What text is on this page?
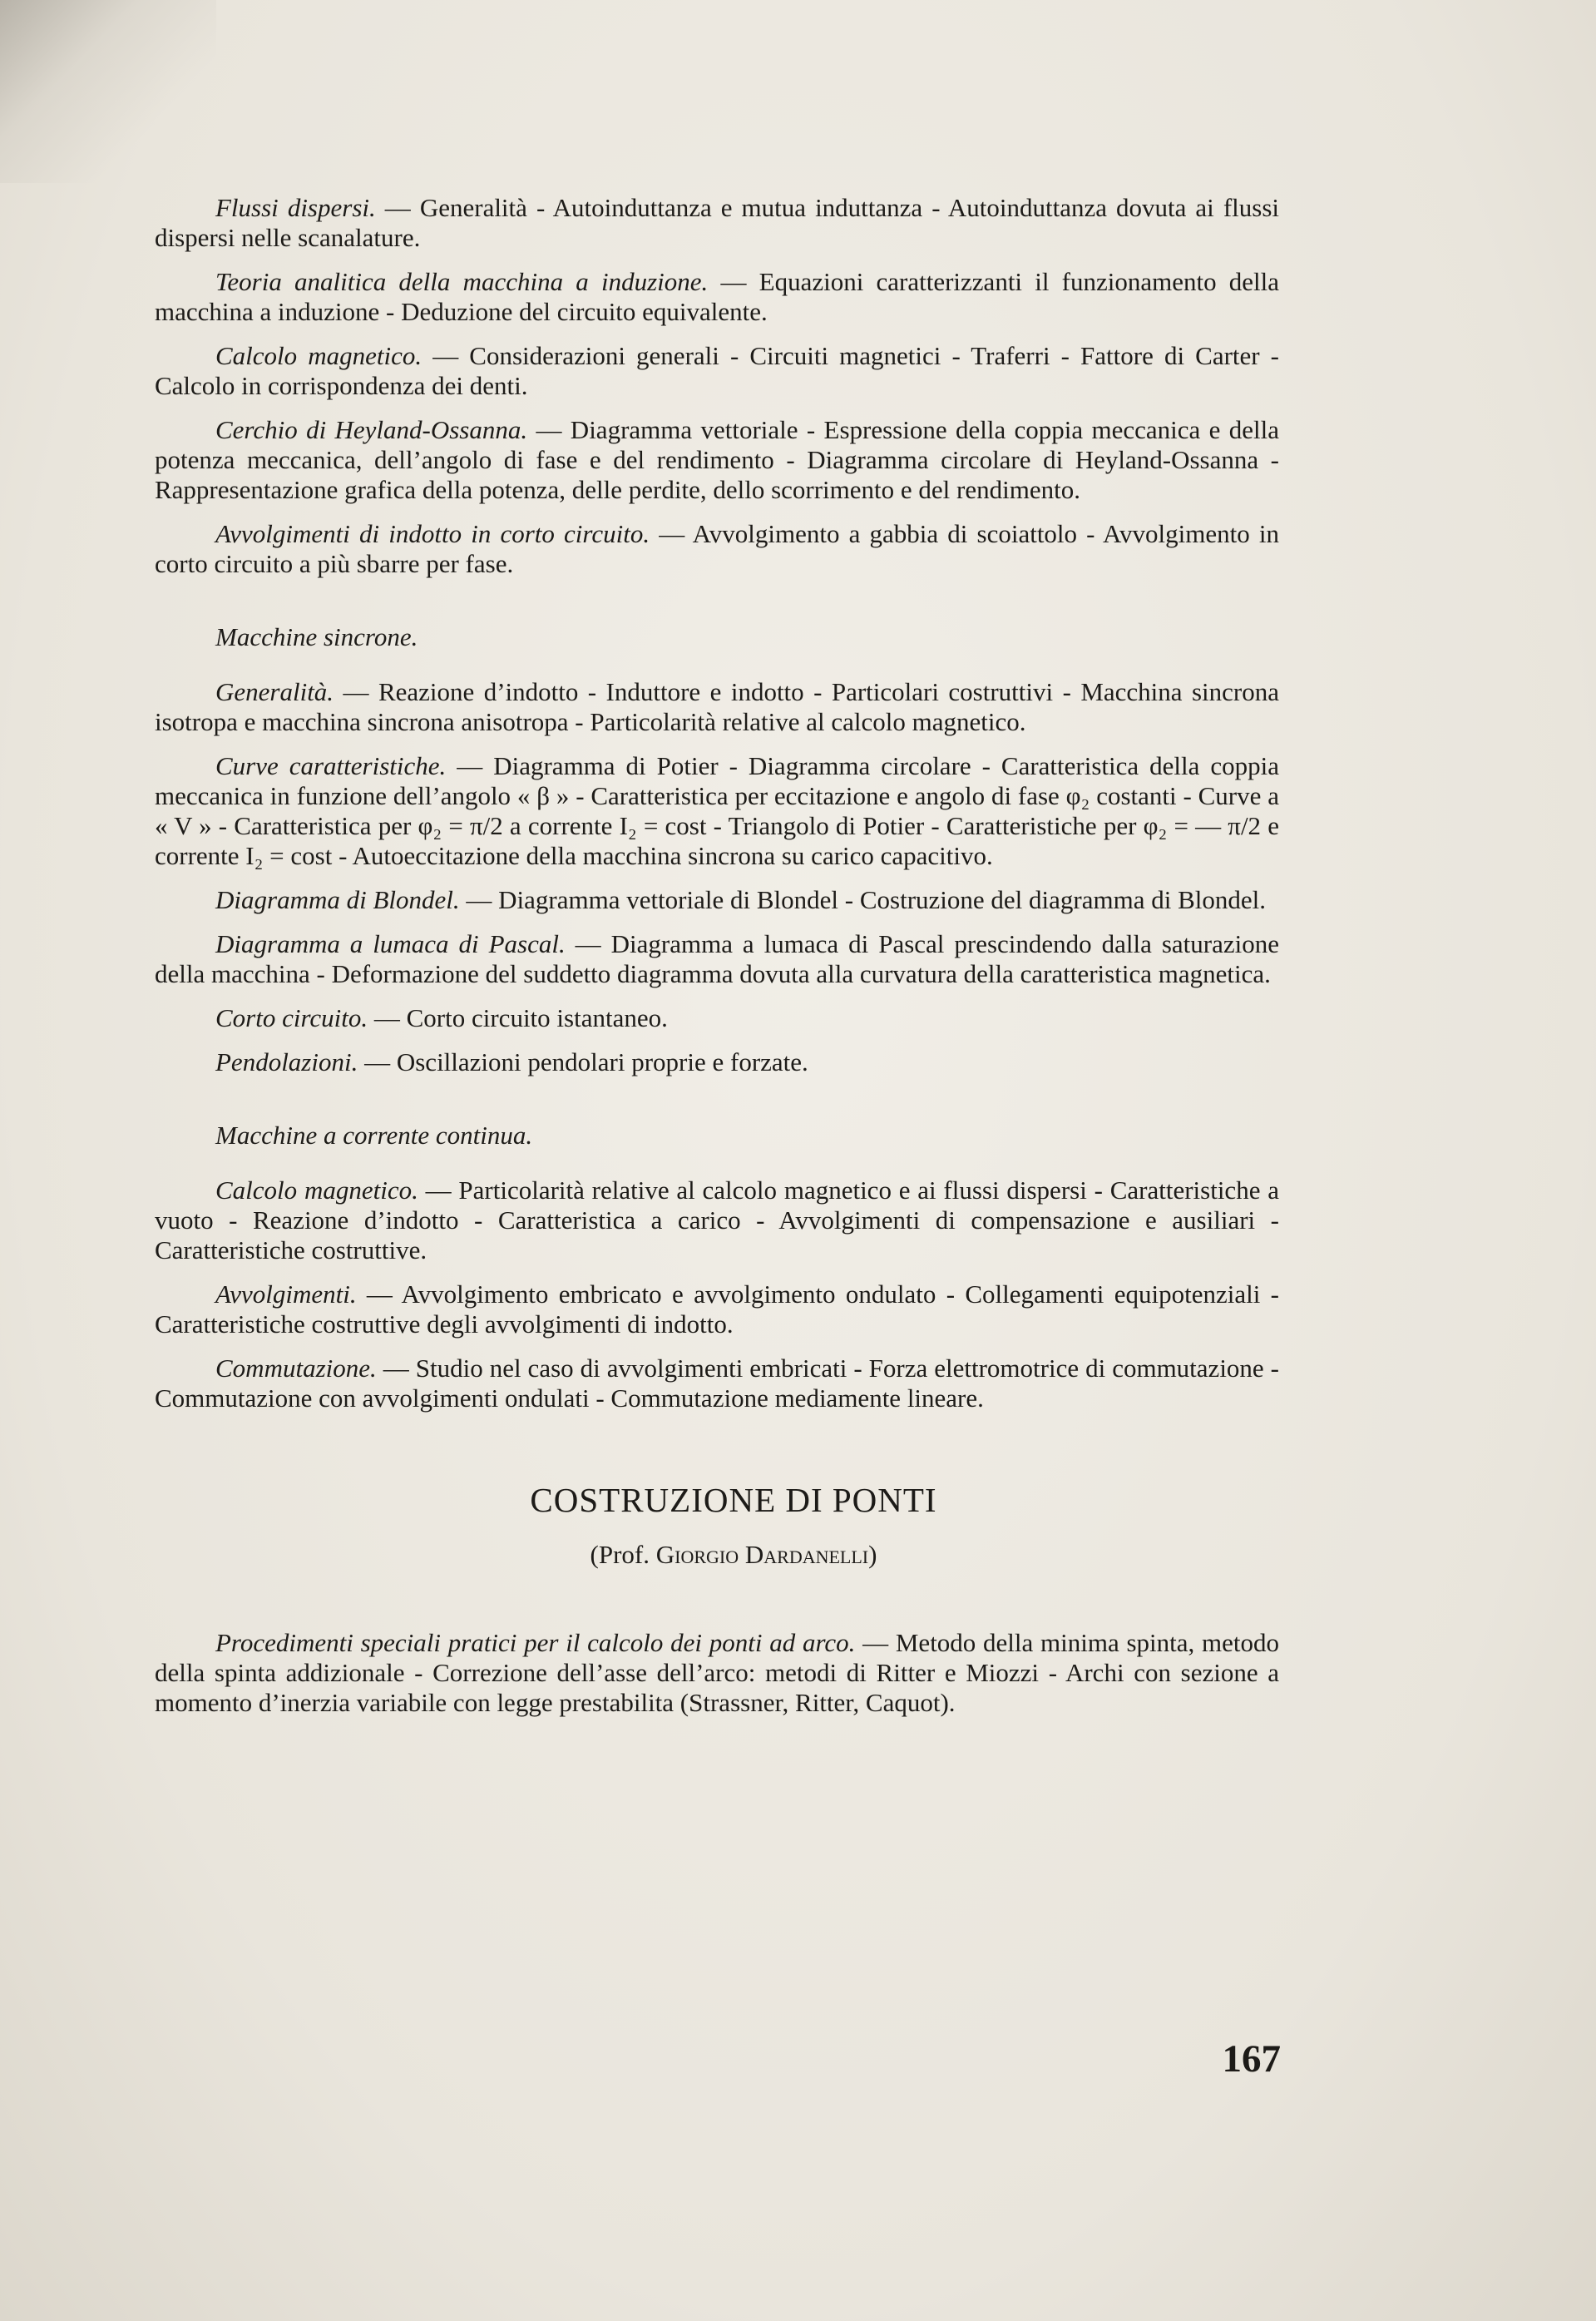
Flussi dispersi. — Generalità - Autoinduttanza e mutua induttanza - Autoinduttanza dovuta ai flussi dispersi nelle scanalature.

Teoria analitica della macchina a induzione. — Equazioni caratterizzanti il funzionamento della macchina a induzione - Deduzione del circuito equivalente.

Calcolo magnetico. — Considerazioni generali - Circuiti magnetici - Traferri - Fattore di Carter - Calcolo in corrispondenza dei denti.

Cerchio di Heyland-Ossanna. — Diagramma vettoriale - Espressione della coppia meccanica e della potenza meccanica, dell’angolo di fase e del rendimento - Diagramma circolare di Heyland-Ossanna - Rappresentazione grafica della potenza, delle perdite, dello scorrimento e del rendimento.

Avvolgimenti di indotto in corto circuito. — Avvolgimento a gabbia di scoiattolo - Avvolgimento in corto circuito a più sbarre per fase.

Macchine sincrone.

Generalità. — Reazione d’indotto - Induttore e indotto - Particolari costruttivi - Macchina sincrona isotropa e macchina sincrona anisotropa - Particolarità relative al calcolo magnetico.

Curve caratteristiche. — Diagramma di Potier - Diagramma circolare - Caratteristica della coppia meccanica in funzione dell’angolo « β » - Caratteristica per eccitazione e angolo di fase φ₂ costanti - Curve a « V » - Caratteristica per φ₂ = π/2 a corrente I₂ = cost - Triangolo di Potier - Caratteristiche per φ₂ = — π/2 e corrente I₂ = cost - Autoeccitazione della macchina sincrona su carico capacitivo.

Diagramma di Blondel. — Diagramma vettoriale di Blondel - Costruzione del diagramma di Blondel.

Diagramma a lumaca di Pascal. — Diagramma a lumaca di Pascal prescindendo dalla saturazione della macchina - Deformazione del suddetto diagramma dovuta alla curvatura della caratteristica magnetica.

Corto circuito. — Corto circuito istantaneo.

Pendolazioni. — Oscillazioni pendolari proprie e forzate.

Macchine a corrente continua.

Calcolo magnetico. — Particolarità relative al calcolo magnetico e ai flussi dispersi - Caratteristiche a vuoto - Reazione d’indotto - Caratteristica a carico - Avvolgimenti di compensazione e ausiliari - Caratteristiche costruttive.

Avvolgimenti. — Avvolgimento embricato e avvolgimento ondulato - Collegamenti equipotenziali - Caratteristiche costruttive degli avvolgimenti di indotto.

Commutazione. — Studio nel caso di avvolgimenti embricati - Forza elettromotrice di commutazione - Commutazione con avvolgimenti ondulati - Commutazione mediamente lineare.

COSTRUZIONE DI PONTI
(Prof. Giorgio Dardanelli)

Procedimenti speciali pratici per il calcolo dei ponti ad arco. — Metodo della minima spinta, metodo della spinta addizionale - Correzione dell’asse dell’arco: metodi di Ritter e Miozzi - Archi con sezione a momento d’inerzia variabile con legge prestabilita (Strassner, Ritter, Caquot).

167
